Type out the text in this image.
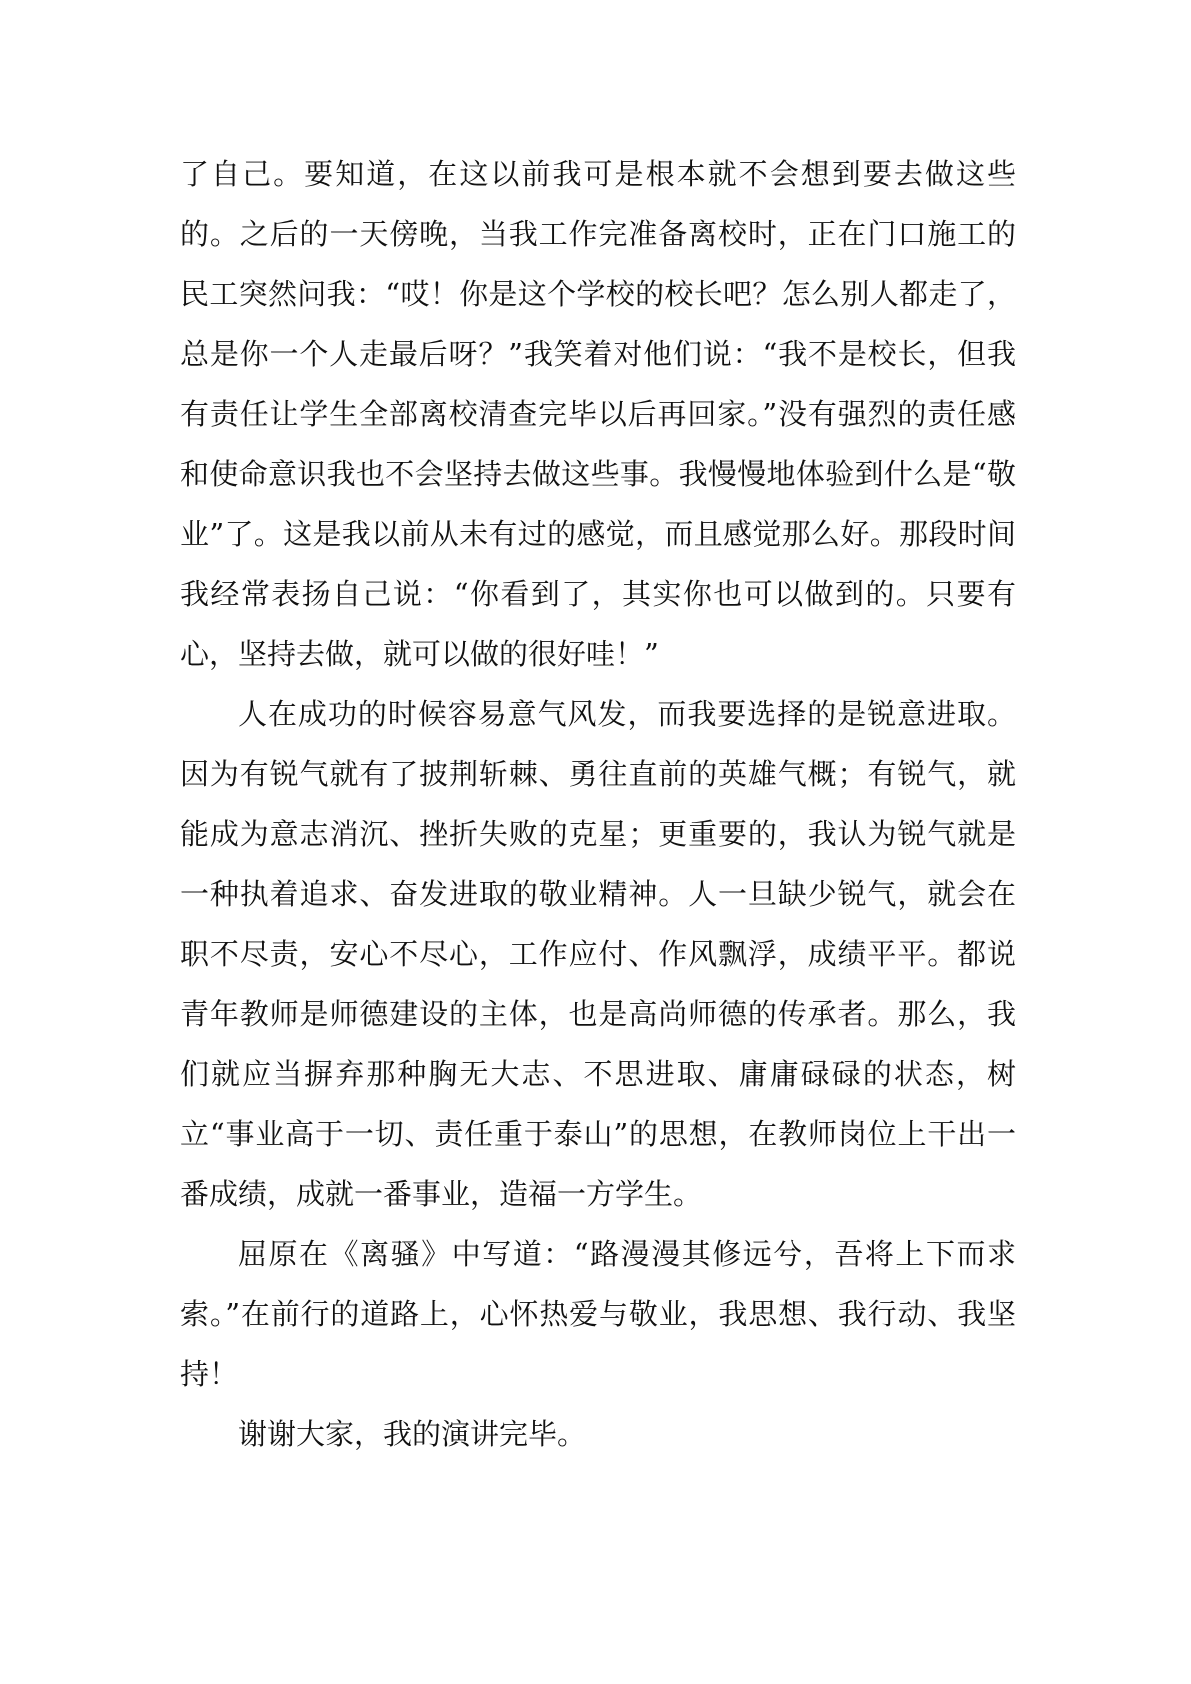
了自己。要知道，在这以前我可是根本就不会想到要去做这些的。之后的一天傍晚，当我工作完准备离校时，正在门口施工的民工突然问我：“哎！你是这个学校的校长吧？怎么别人都走了，总是你一个人走最后呀？”我笑着对他们说：“我不是校长，但我有责任让学生全部离校清查完毕以后再回家。”没有强烈的责任感和使命意识我也不会坚持去做这些事。我慢慢地体验到什么是“敬业”了。这是我以前从未有过的感觉，而且感觉那么好。那段时间我经常表扬自己说：“你看到了，其实你也可以做到的。只要有心，坚持去做，就可以做的很好哇！”

人在成功的时候容易意气风发，而我要选择的是锐意进取。因为有锐气就有了披荆斩棘、勇往直前的英雄气概；有锐气，就能成为意志消沉、挫折失败的克星；更重要的，我认为锐气就是一种执着追求、奋发进取的敬业精神。人一旦缺少锐气，就会在职不尽责，安心不尽心，工作应付、作风飘浮，成绩平平。都说青年教师是师德建设的主体，也是高尚师德的传承者。那么，我们就应当摒弃那种胸无大志、不思进取、庸庸碌碌的状态，树立“事业高于一切、责任重于泰山”的思想，在教师岗位上干出一番成绩，成就一番事业，造福一方学生。

屈原在《离骚》中写道：“路漫漫其修远兮，吾将上下而求索。”在前行的道路上，心怀热爱与敬业，我思想、我行动、我坚持！

谢谢大家，我的演讲完毕。
